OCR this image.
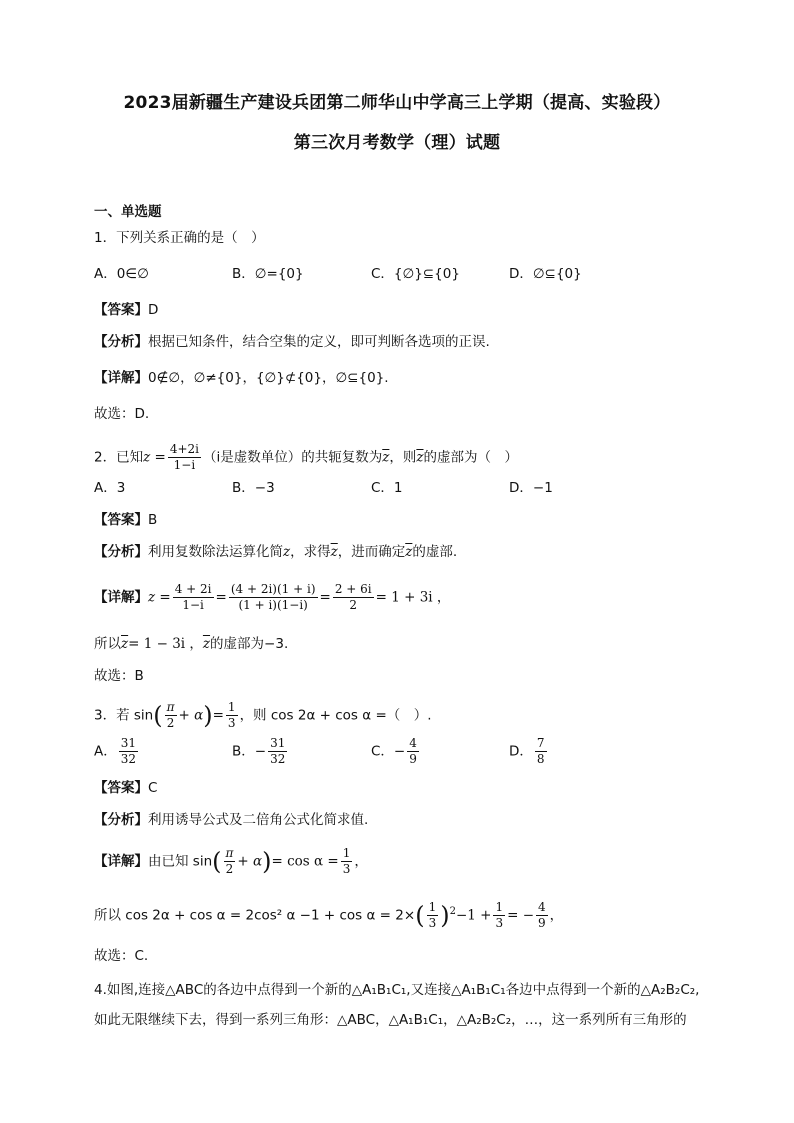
2023届新疆生产建设兵团第二师华山中学高三上学期（提高、实验段）
第三次月考数学（理）试题
一、单选题
1．下列关系正确的是（　）
A．0∈∅	B．∅={0}	C．{∅}⊆{0}	D．∅⊆{0}
【答案】D
【分析】根据已知条件，结合空集的定义，即可判断各选项的正误.
【详解】0∉∅，∅≠{0}，{∅}⊄{0}，∅⊆{0}.
故选：D.
2．已知$z = \frac{4+2i}{1-i} (i$是虚数单位）的共轭复数为$\overline{z}$，则$\overline{z}$的虚部为（　）
A．3	B．−3	C．1	D．−1
【答案】B
【分析】利用复数除法运算化简z，求得$\overline{z}$，进而确定$\overline{z}$的虚部.
【详解】$z = \frac{4 + 2i}{1-i} = \frac{(4 + 2i)(1 + i)}{(1 + i)(1-i)} = \frac{2 + 6i}{2} = 1 + 3i$ ，
所以$\overline{z}= 1 - 3i$ ，$\overline{z}$的虚部为−3.
故选：B
3．若 $\sin( \frac{\pi}{2} + \alpha)= \frac{1}{3}$ ，则 cos 2α + cos α =（　）.
A． $\frac{31}{32}$	B．− $\frac{31}{32}$	C．− $\frac{4}{9}$	D． $\frac{7}{8}$
【答案】C
【分析】利用诱导公式及二倍角公式化简求值.
【详解】由已知 $\sin( \frac{\pi}{2} + \alpha)= \cos \alpha = \frac{1}{3}$ ，
所以 cos 2α + cos α = 2cos² $\alpha -1 + \cos \alpha = 2\times( \frac{1}{3} )^2-1 + \frac{1}{3}$ = − $\frac{4}{9}$ ，
故选：C.
4.如图,连接△ABC的各边中点得到一个新的△A₁B₁C₁,又连接△A₁B₁C₁各边中点得到一个新的△A₂B₂C₂,
如此无限继续下去，得到一系列三角形：△ABC，△A₁B₁C₁，△A₂B₂C₂，…，这一系列所有三角形的
